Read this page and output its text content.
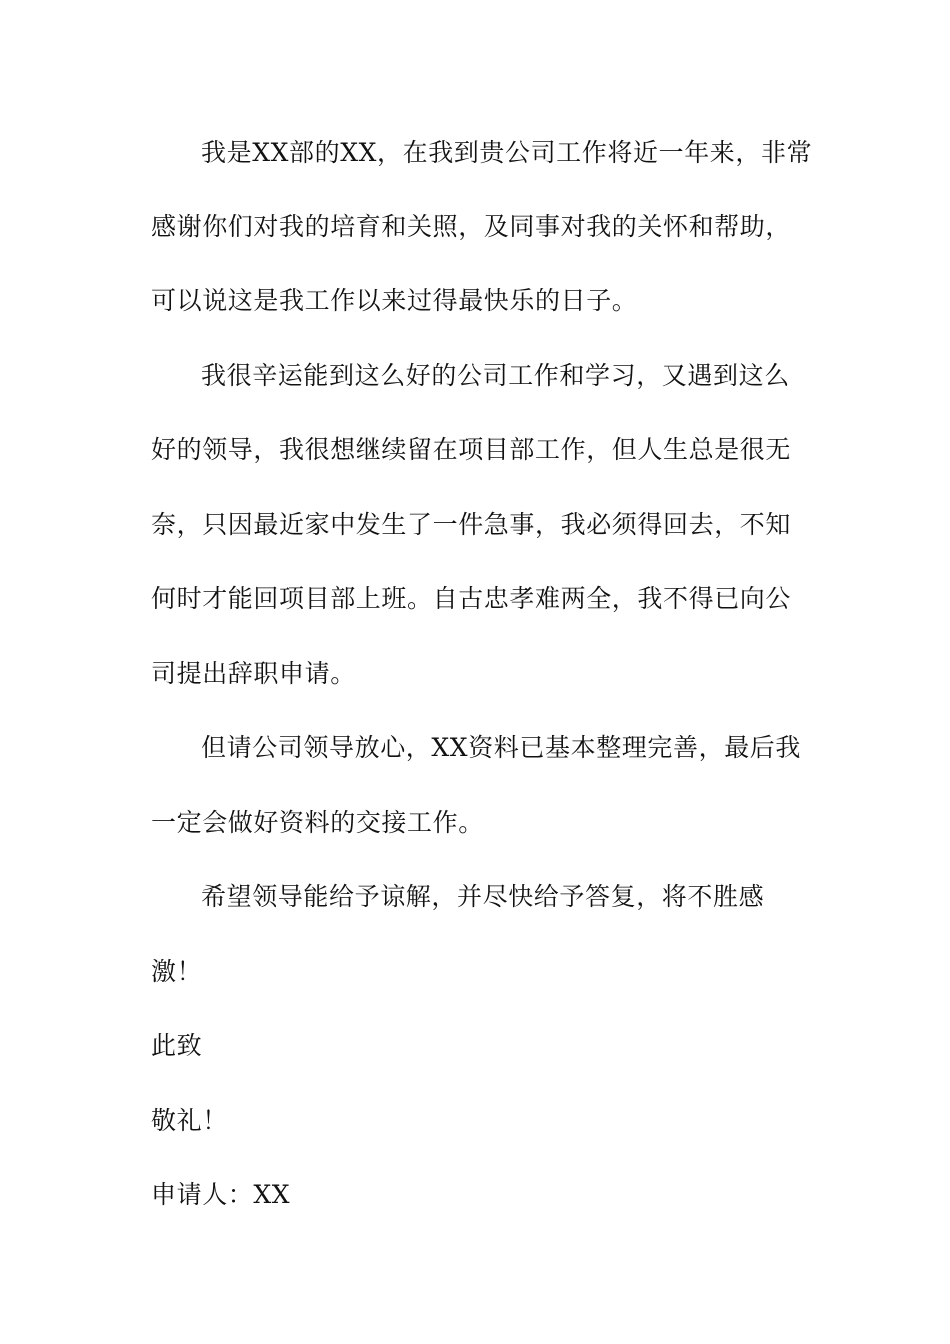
我是XX部的XX，在我到贵公司工作将近一年来，非常
感谢你们对我的培育和关照，及同事对我的关怀和帮助，
可以说这是我工作以来过得最快乐的日子。
我很辛运能到这么好的公司工作和学习，又遇到这么
好的领导，我很想继续留在项目部工作，但人生总是很无
奈，只因最近家中发生了一件急事，我必须得回去，不知
何时才能回项目部上班。自古忠孝难两全，我不得已向公
司提出辞职申请。
但请公司领导放心，XX资料已基本整理完善，最后我
一定会做好资料的交接工作。
希望领导能给予谅解，并尽快给予答复，将不胜感
激！
此致
敬礼！
申请人：XX
